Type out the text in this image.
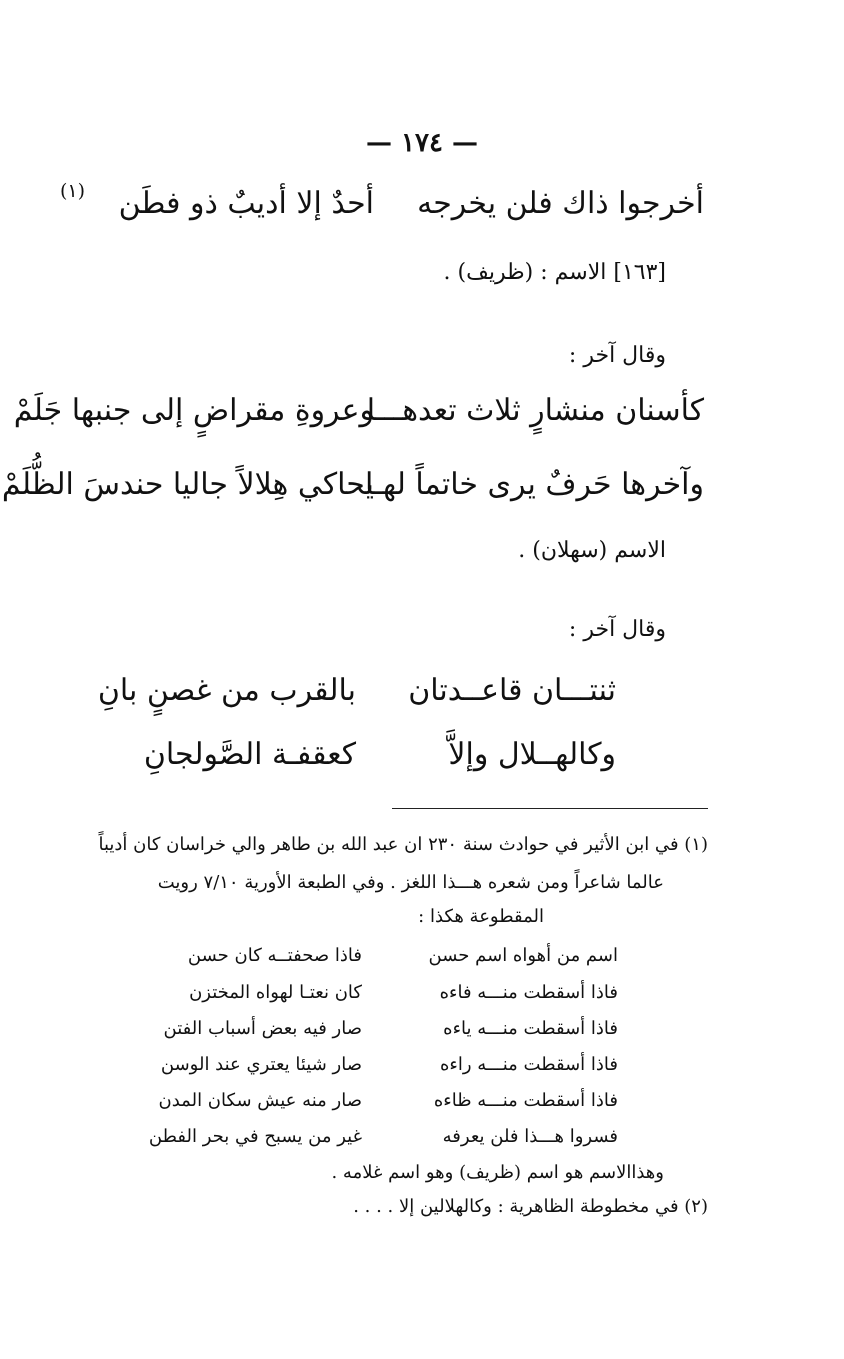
— ١٧٤ —
أخرجوا ذاك فلن يخرجه
أحدٌ إلا أديبٌ ذو فطَن
(١)
[١٦٣] الاسم : (ظريف) .
وقال آخر :
كأسنان منشارٍ ثلاث تعدهـــا
وعروةِ مقراضٍ إلى جنبها جَلَمْ
وآخرها حَرفٌ يرى خاتماً لهـا
يحاكي هِلالاً جاليا حندسَ الظُّلَمْ
الاسم (سهلان) .
وقال آخر :
ثنتـــان قاعــدتان
بالقرب من غصنٍ بانِ
وكالهــلال وإلاَّ
كعقفـة الصَّولجانِ
(١) في ابن الأثير في حوادث سنة ٢٣٠ ان عبد الله بن طاهر والي خراسان كان أديباً
عالما شاعراً ومن شعره هـــذا اللغز . وفي الطبعة الأورية ٧/١٠ رويت
المقطوعة هكذا :
اسم من أهواه اسم حسن
فاذا صحفتــه كان حسن
فاذا أسقطت منـــه فاءه
كان نعتـا لهواه المختزن
فاذا أسقطت منـــه ياءه
صار فيه بعض أسباب الفتن
فاذا أسقطت منـــه راءه
صار شيئا يعتري عند الوسن
فاذا أسقطت منـــه ظاءه
صار منه عيش سكان المدن
فسروا هـــذا فلن يعرفه
غير من يسبح في بحر الفطن
وهذاالاسم هو اسم (ظريف) وهو اسم غلامه .
(٢) في مخطوطة الظاهرية : وكالهلالين إلا . . . .
